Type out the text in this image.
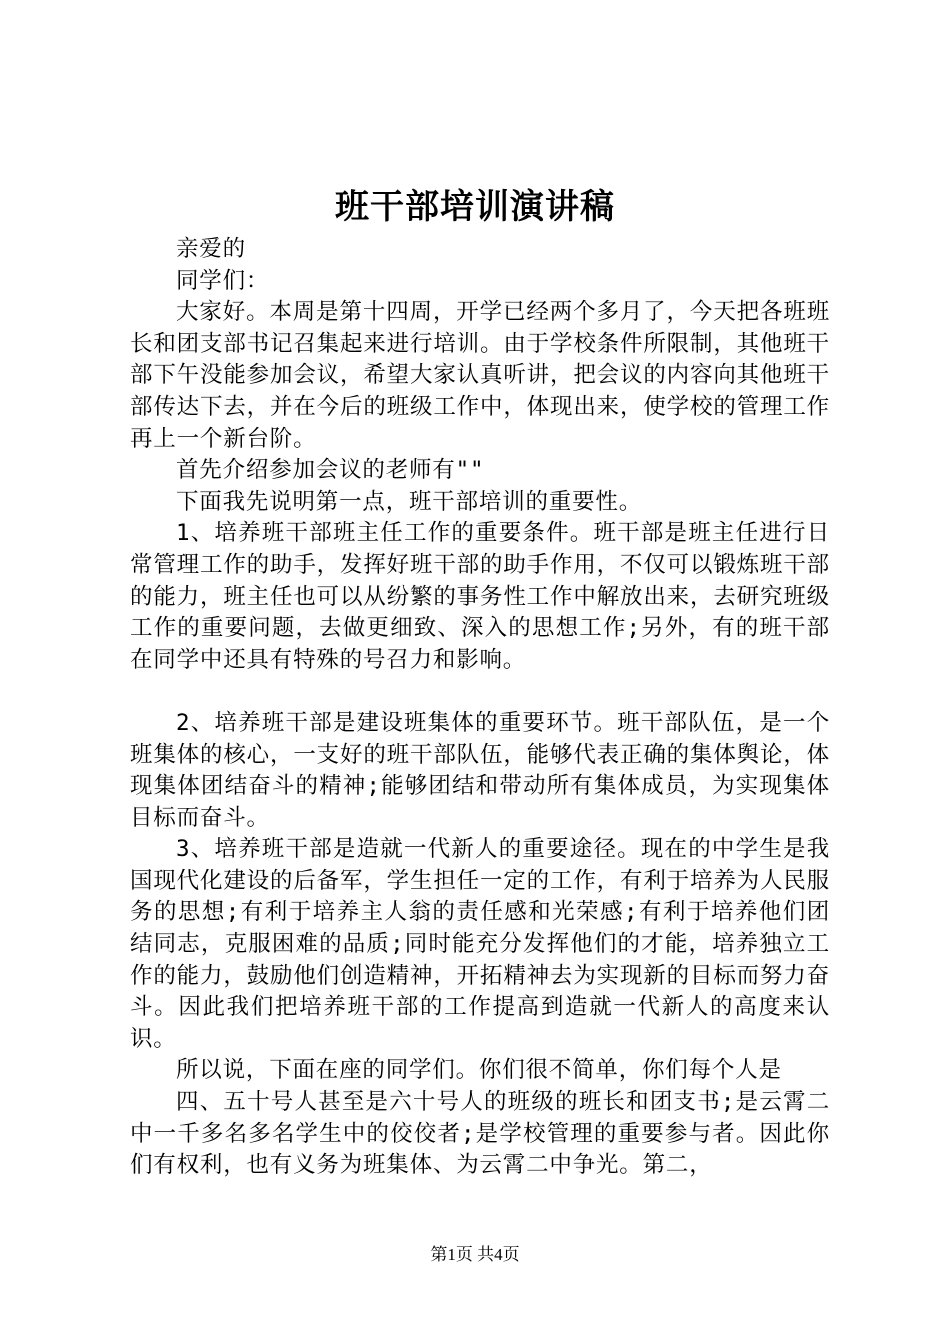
班干部培训演讲稿

亲爱的

同学们：

大家好。本周是第十四周，开学已经两个多月了，今天把各班班长和团支部书记召集起来进行培训。由于学校条件所限制，其他班干部下午没能参加会议，希望大家认真听讲，把会议的内容向其他班干部传达下去，并在今后的班级工作中，体现出来，使学校的管理工作再上一个新台阶。

首先介绍参加会议的老师有""

下面我先说明第一点，班干部培训的重要性。

1、培养班干部班主任工作的重要条件。班干部是班主任进行日常管理工作的助手，发挥好班干部的助手作用，不仅可以锻炼班干部的能力，班主任也可以从纷繁的事务性工作中解放出来，去研究班级工作的重要问题，去做更细致、深入的思想工作;另外，有的班干部在同学中还具有特殊的号召力和影响。

2、培养班干部是建设班集体的重要环节。班干部队伍，是一个班集体的核心，一支好的班干部队伍，能够代表正确的集体舆论，体现集体团结奋斗的精神;能够团结和带动所有集体成员，为实现集体目标而奋斗。

3、培养班干部是造就一代新人的重要途径。现在的中学生是我国现代化建设的后备军，学生担任一定的工作，有利于培养为人民服务的思想;有利于培养主人翁的责任感和光荣感;有利于培养他们团结同志，克服困难的品质;同时能充分发挥他们的才能，培养独立工作的能力，鼓励他们创造精神，开拓精神去为实现新的目标而努力奋斗。因此我们把培养班干部的工作提高到造就一代新人的高度来认识。

所以说，下面在座的同学们。你们很不简单，你们每个人是

四、五十号人甚至是六十号人的班级的班长和团支书;是云霄二中一千多名多名学生中的佼佼者;是学校管理的重要参与者。因此你们有权利，也有义务为班集体、为云霄二中争光。第二，

第1页 共4页
